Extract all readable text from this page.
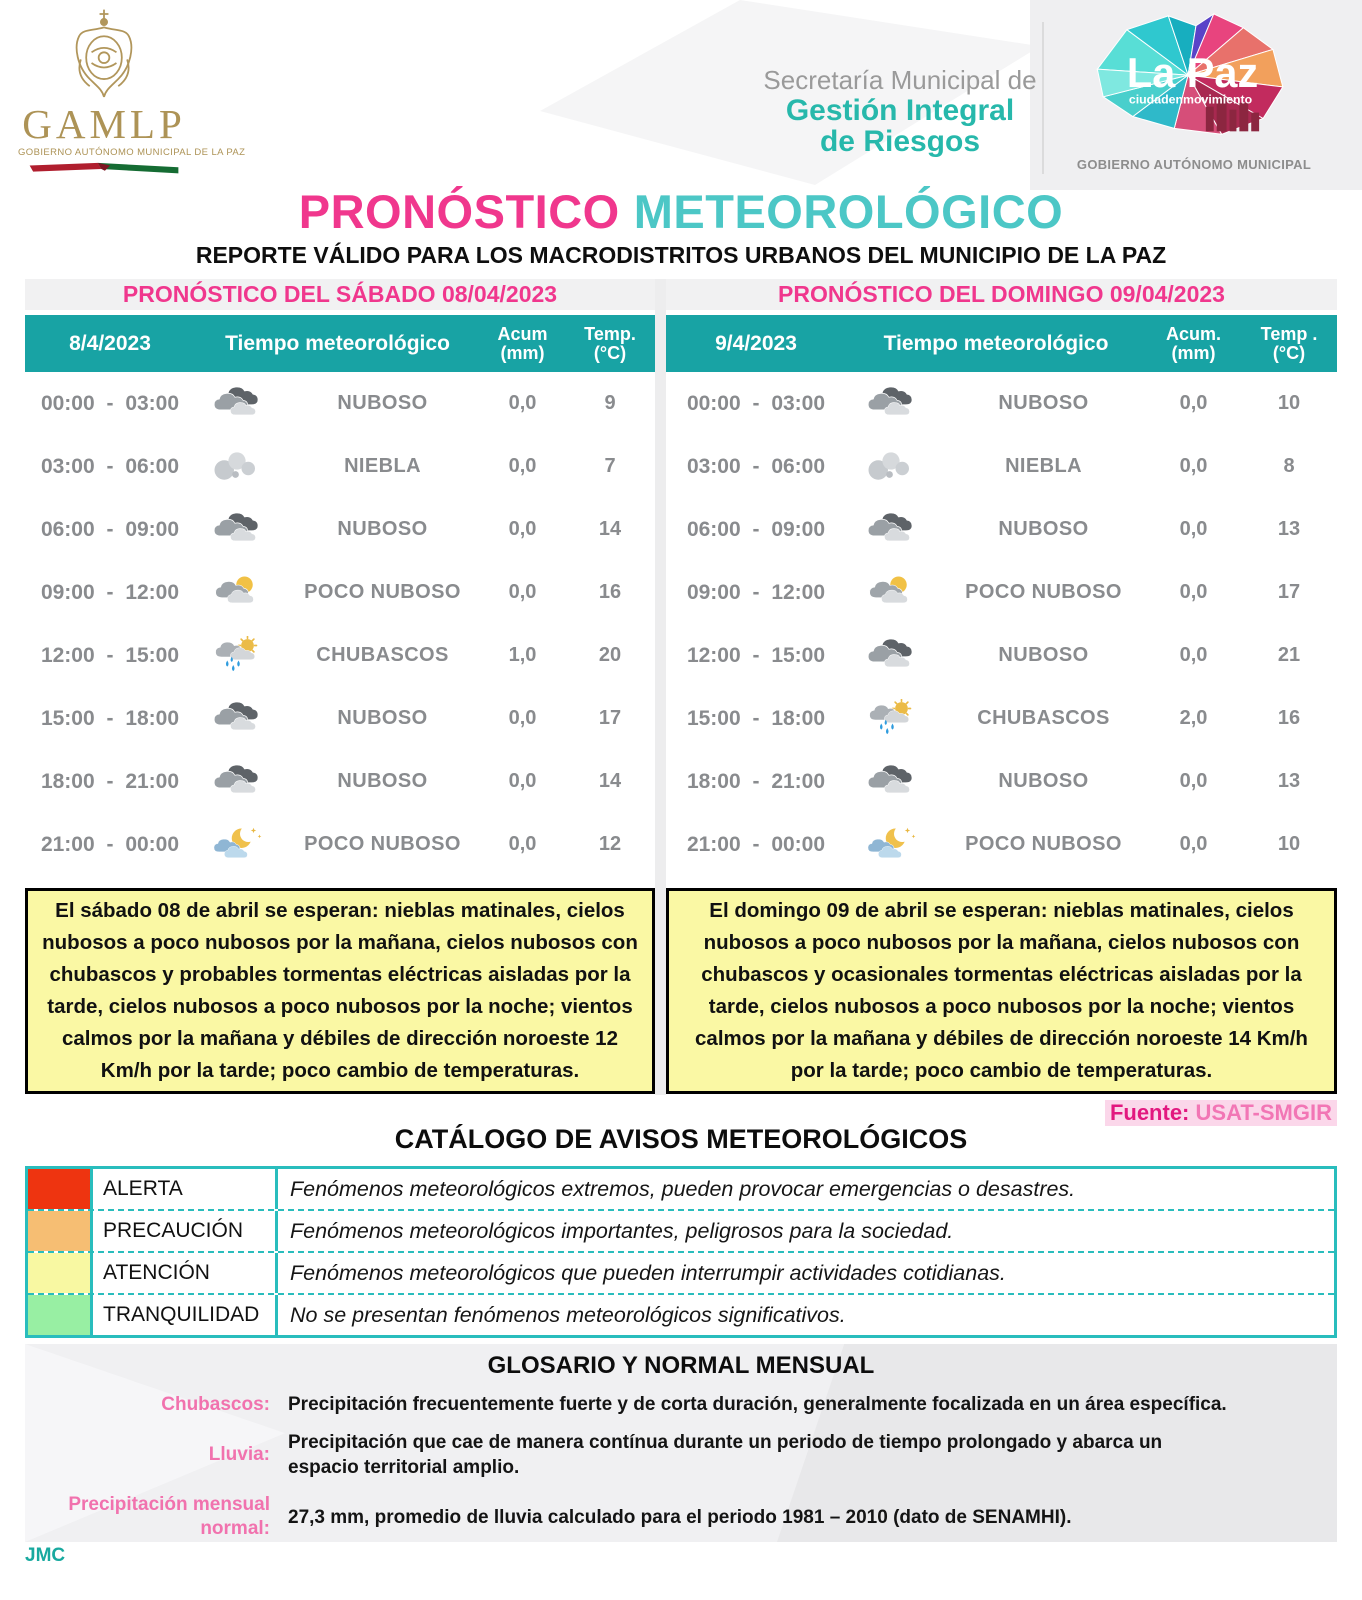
GAMLP
GOBIERNO AUTÓNOMO MUNICIPAL DE LA PAZ
Secretaría Municipal de
Gestión Integral
de Riesgos
La Paz
ciudadenmovimiento
GOBIERNO AUTÓNOMO MUNICIPAL
PRONÓSTICO METEOROLÓGICO
REPORTE VÁLIDO PARA LOS MACRODISTRITOS URBANOS DEL MUNICIPIO DE LA PAZ
PRONÓSTICO DEL SÁBADO 08/04/2023	PRONÓSTICO DEL DOMINGO 09/04/2023
8/4/2023	Tiempo meteorológico	Acum
(mm)
Temp.
(°C)
00:00 - 03:00	NUBOSO	0,0	9
03:00 - 06:00	NIEBLA	0,0	7
06:00 - 09:00	NUBOSO	0,0	14
09:00 - 12:00	POCO NUBOSO	0,0	16
12:00 - 15:00	CHUBASCOS	1,0	20
15:00 - 18:00	NUBOSO	0,0	17
18:00 - 21:00	NUBOSO	0,0	14
21:00 - 00:00	POCO NUBOSO	0,0	12
9/4/2023	Tiempo meteorológico	Acum.
(mm)
Temp .
(°C)
00:00 - 03:00	NUBOSO	0,0	10
03:00 - 06:00	NIEBLA	0,0	8
06:00 - 09:00	NUBOSO	0,0	13
09:00 - 12:00	POCO NUBOSO	0,0	17
12:00 - 15:00	NUBOSO	0,0	21
15:00 - 18:00	CHUBASCOS	2,0	16
18:00 - 21:00	NUBOSO	0,0	13
21:00 - 00:00	POCO NUBOSO	0,0	10
El sábado 08 de abril se esperan: nieblas matinales, cielos nubosos a poco nubosos por la mañana, cielos nubosos con chubascos y probables tormentas eléctricas aisladas por la tarde, cielos nubosos a poco nubosos por la noche; vientos calmos por la mañana y débiles de dirección noroeste 12 Km/h por la tarde; poco cambio de temperaturas.
El domingo 09 de abril se esperan: nieblas matinales, cielos nubosos a poco nubosos por la mañana, cielos nubosos con chubascos y ocasionales tormentas eléctricas aisladas por la tarde, cielos nubosos a poco nubosos por la noche; vientos calmos por la mañana y débiles de dirección noroeste 14 Km/h por la tarde; poco cambio de temperaturas.
Fuente: USAT-SMGIR
CATÁLOGO DE AVISOS METEOROLÓGICOS
ALERTA	Fenómenos meteorológicos extremos, pueden provocar emergencias o desastres.
PRECAUCIÓN	Fenómenos meteorológicos importantes, peligrosos para la sociedad.
ATENCIÓN	Fenómenos meteorológicos que pueden interrumpir actividades cotidianas.
TRANQUILIDAD	No se presentan fenómenos meteorológicos significativos.
GLOSARIO Y NORMAL MENSUAL
Chubascos: Precipitación frecuentemente fuerte y de corta duración, generalmente focalizada en un área específica.
Lluvia:
Precipitación que cae de manera contínua durante un periodo de tiempo prolongado y abarca un espacio territorial amplio.
Precipitación mensual normal:
27,3 mm, promedio de lluvia calculado para el periodo 1981 – 2010 (dato de SENAMHI).
JMC
